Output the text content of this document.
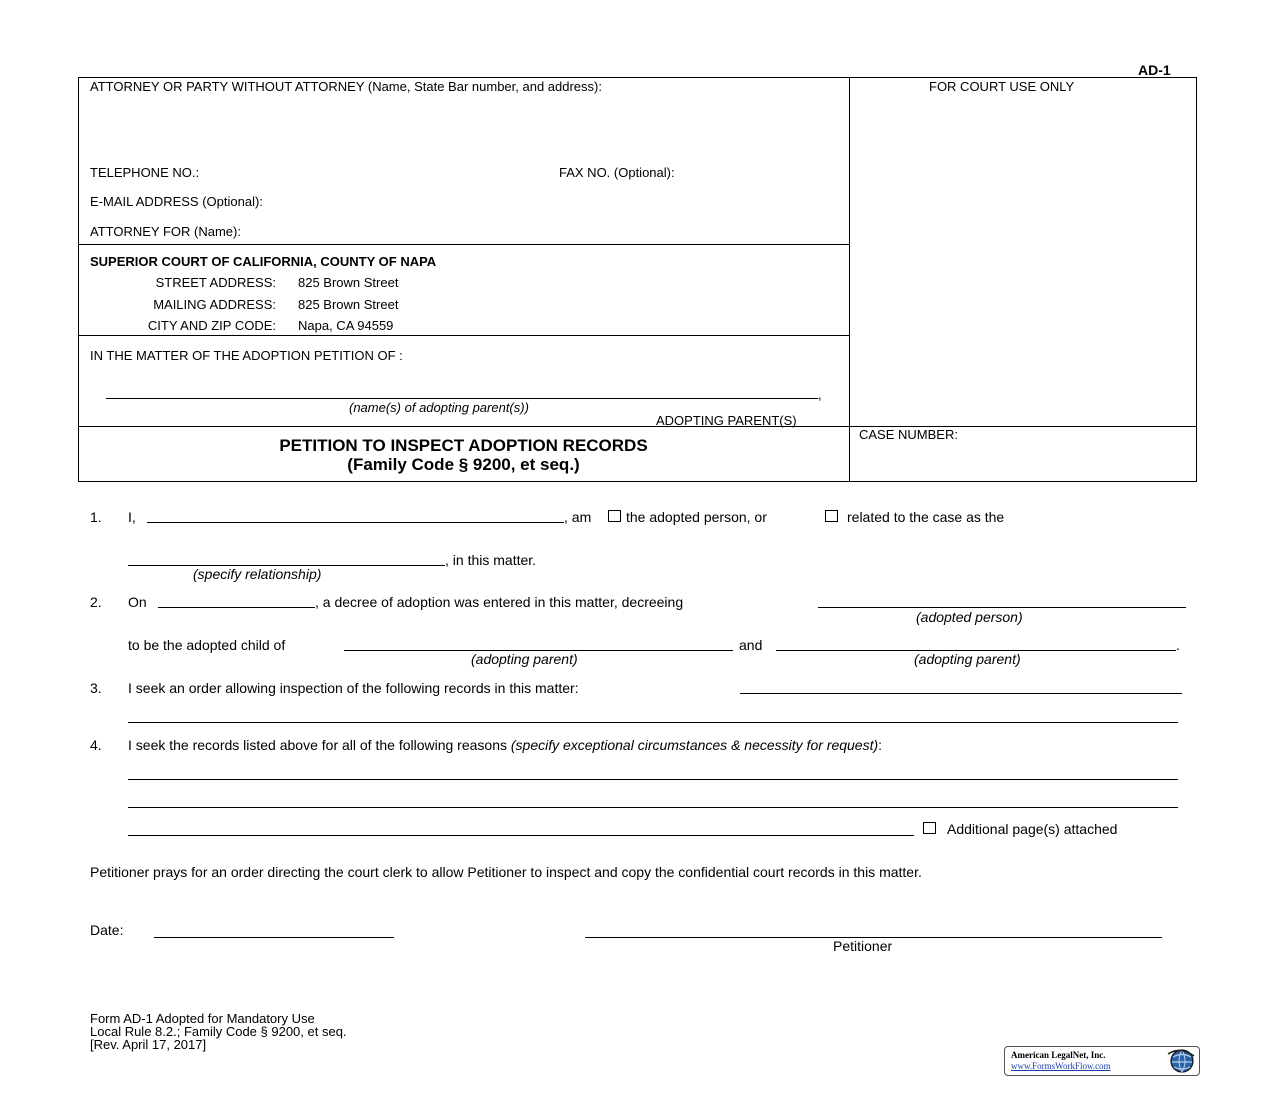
AD-1
ATTORNEY OR PARTY WITHOUT ATTORNEY (Name, State Bar number, and address):	FOR COURT USE ONLY
TELEPHONE NO.:	FAX NO. (Optional):
E-MAIL ADDRESS (Optional):
ATTORNEY FOR (Name):
SUPERIOR COURT OF CALIFORNIA, COUNTY OF NAPA
STREET ADDRESS: 825 Brown Street
MAILING ADDRESS: 825 Brown Street
CITY AND ZIP CODE: Napa, CA 94559
IN THE MATTER OF THE ADOPTION PETITION OF :
,
(name(s) of adopting parent(s))
ADOPTING PARENT(S)
PETITION TO INSPECT ADOPTION RECORDS
(Family Code § 9200, et seq.)
CASE NUMBER:
1. I,	, am the adopted person, or	related to the case as the
, in this matter.
(specify relationship)
2. On	, a decree of adoption was entered in this matter, decreeing
(adopted person)
to be the adopted child of	and	.
(adopting parent)	(adopting parent)
3. I seek an order allowing inspection of the following records in this matter:
4. I seek the records listed above for all of the following reasons (specify exceptional circumstances & necessity for request):
Additional page(s) attached
Petitioner prays for an order directing the court clerk to allow Petitioner to inspect and copy the confidential court records in this matter.
Date:
Petitioner
Form AD-1 Adopted for Mandatory Use
Local Rule 8.2.; Family Code § 9200, et seq.
[Rev. April 17, 2017]
American LegalNet, Inc.
www.FormsWorkFlow.com
